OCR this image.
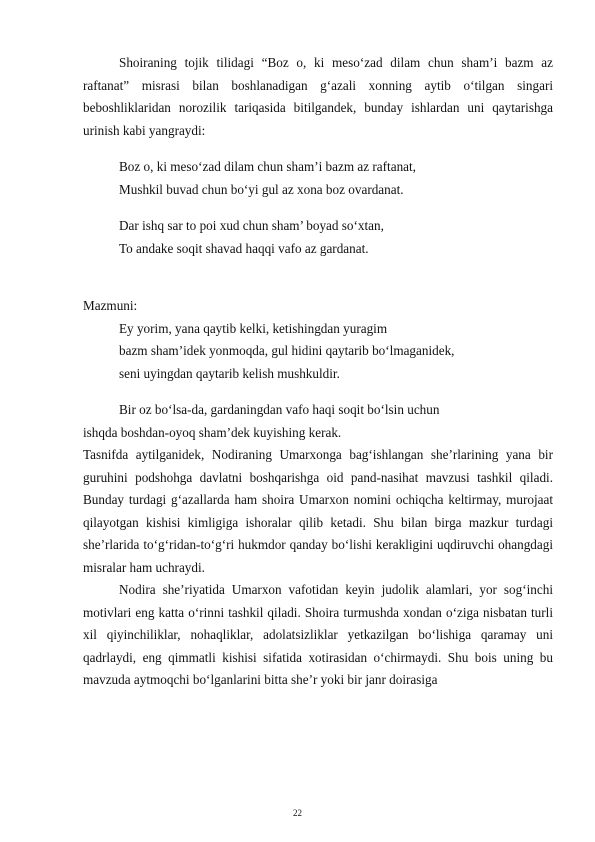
Shoiraning tojik tilidagi “Boz o, ki meso‘zad dilam chun sham’i bazm az raftanat” misrasi bilan boshlanadigan g‘azali xonning aytib o‘tilgan singari beboshliklaridan norozilik tariqasida bitilgandek, bunday ishlardan uni qaytarishga urinish kabi yangraydi:

Boz o, ki meso‘zad dilam chun sham’i bazm az raftanat,

Mushkil buvad chun bo‘yi gul az xona boz ovardanat.

Dar ishq sar to poi xud chun sham’ boyad so‘xtan,

To andake soqit shavad haqqi vafo az gardanat.

Mazmuni:

Ey yorim, yana qaytib kelki, ketishingdan yuragim

bazm sham’idek yonmoqda, gul hidini qaytarib bo‘lmaganidek,

seni uyingdan qaytarib kelish mushkuldir.

Bir oz bo‘lsa-da, gardaningdan vafo haqi soqit bo‘lsin uchun

ishqda boshdan-oyoq sham’dek kuyishing kerak.

Tasnifda aytilganidek, Nodiraning Umarxonga bag‘ishlangan she’rlarining yana bir guruhini podshohga davlatni boshqarishga oid pand-nasihat mavzusi tashkil qiladi. Bunday turdagi g‘azallarda ham shoira Umarxon nomini ochiqcha keltirmay, murojaat qilayotgan kishisi kimligiga ishoralar qilib ketadi. Shu bilan birga mazkur turdagi she’rlarida to‘g‘ridan-to‘g‘ri hukmdor qanday bo‘lishi kerakligini uqdiruvchi ohangdagi misralar ham uchraydi.

Nodira she’riyatida Umarxon vafotidan keyin judolik alamlari, yor sog‘inchi motivlari eng katta o‘rinni tashkil qiladi. Shoira turmushda xondan o‘ziga nisbatan turli xil qiyinchiliklar, nohaqliklar, adolatsizliklar yetkazilgan bo‘lishiga qaramay uni qadrlaydi, eng qimmatli kishisi sifatida xotirasidan o‘chirmaydi. Shu bois uning bu mavzuda aytmoqchi bo‘lganlarini bitta she’r yoki bir janr doirasiga

22
